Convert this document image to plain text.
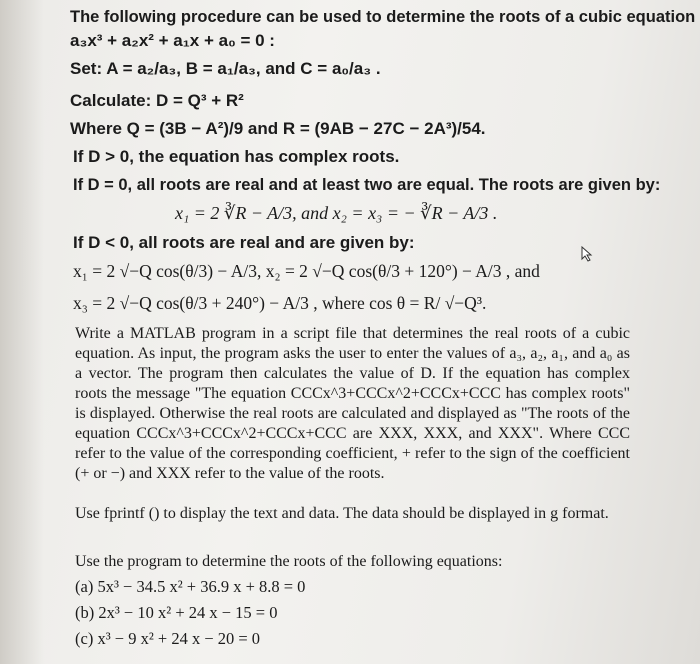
The following procedure can be used to determine the roots of a cubic equation
a₃x³ + a₂x² + a₁x + a₀ = 0 :
Set: A = a₂/a₃, B = a₁/a₃, and C = a₀/a₃ .
Calculate: D = Q³ + R²
Where Q = (3B − A²)/9 and R = (9AB − 27C − 2A³)/54.
If D > 0, the equation has complex roots.
If D = 0, all roots are real and at least two are equal. The roots are given by:
x₁ = 2 ∛R − A/3, and x₂ = x₃ = − ∛R − A/3 .
If D < 0, all roots are real and are given by:
x₁ = 2 √−Q cos(θ/3) − A/3, x₂ = 2 √−Q cos(θ/3 + 120°) − A/3 , and
x₃ = 2 √−Q cos(θ/3 + 240°) − A/3 , where cos θ = R/ √−Q³.
Write a MATLAB program in a script file that determines the real roots of a cubic equation. As input, the program asks the user to enter the values of a₃, a₂, a₁, and a₀ as a vector. The program then calculates the value of D. If the equation has complex roots the message "The equation CCCx^3+CCCx^2+CCCx+CCC has complex roots" is displayed. Otherwise the real roots are calculated and displayed as "The roots of the equation CCCx^3+CCCx^2+CCCx+CCC are XXX, XXX, and XXX". Where CCC refer to the value of the corresponding coefficient, + refer to the sign of the coefficient (+ or −) and XXX refer to the value of the roots.
Use fprintf () to display the text and data. The data should be displayed in g format.
Use the program to determine the roots of the following equations:
(a) 5x³ − 34.5 x² + 36.9 x + 8.8 = 0
(b) 2x³ − 10 x² + 24 x − 15 = 0
(c) x³ − 9 x² + 24 x − 20 = 0
